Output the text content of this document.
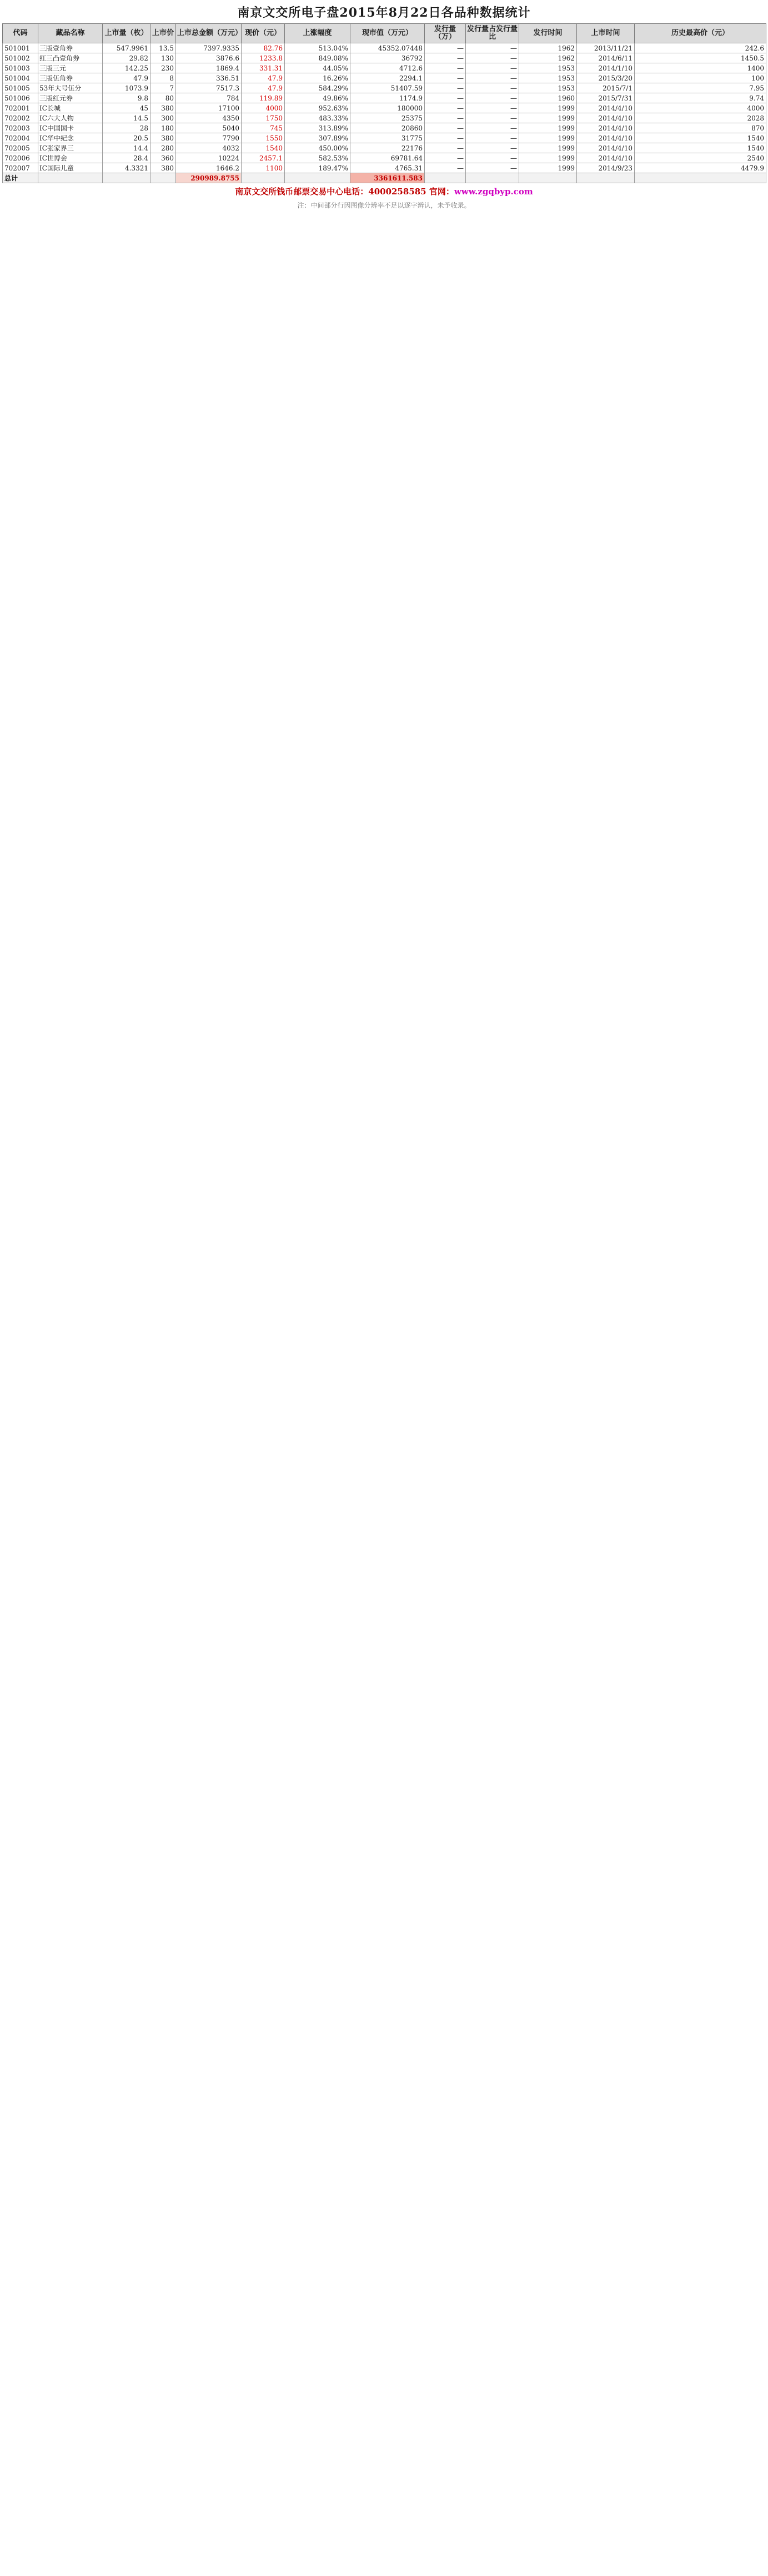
南京文交所电子盘2015年8月22日各品种数据统计
代码	藏品名称	上市量（枚）	上市价	上市总金额（万元）	现价（元）	上涨幅度	现市值（万元）	发行量（万）	发行量占发行量比	发行时间	上市时间	历史最高价（元）
501001	三版壹角券	547.9961	13.5	7397.9335	82.76	513.04%	45352.07448	—	—	1962	2013/11/21	242.6
501002	红三凸壹角券	29.82	130	3876.6	1233.8	849.08%	36792	—	—	1962	2014/6/11	1450.5
501003	三版三元	142.25	230	1869.4	331.31	44.05%	4712.6	—	—	1953	2014/1/10	1400
501004	三版伍角券	47.9	8	336.51	47.9	16.26%	2294.1	—	—	1953	2015/3/20	100
501005	53年大号伍分	1073.9	7	7517.3	47.9	584.29%	51407.59	—	—	1953	2015/7/1	7.95
501006	三版红元券	9.8	80	784	119.89	49.86%	1174.9	—	—	1960	2015/7/31	9.74
702001	IC长城	45	380	17100	4000	952.63%	180000	—	—	1999	2014/4/10	4000
702002	IC六大人物	14.5	300	4350	1750	483.33%	25375	—	—	1999	2014/4/10	2028
702003	IC中国国卡	28	180	5040	745	313.89%	20860	—	—	1999	2014/4/10	870
702004	IC华中纪念	20.5	380	7790	1550	307.89%	31775	—	—	1999	2014/4/10	1540
702005	IC张家界三	14.4	280	4032	1540	450.00%	22176	—	—	1999	2014/4/10	1540
702006	IC世博会	28.4	360	10224	2457.1	582.53%	69781.64	—	—	1999	2014/4/10	2540
702007	IC国际儿童	4.3321	380	1646.2	1100	189.47%	4765.31	—	—	1999	2014/9/23	4479.9
总计				290989.8755			3361611.583					
南京文交所钱币邮票交易中心电话：4000258585 官网：www.zgqbyp.com
注：中间部分行因图像分辨率不足以逐字辨认，未予收录。
